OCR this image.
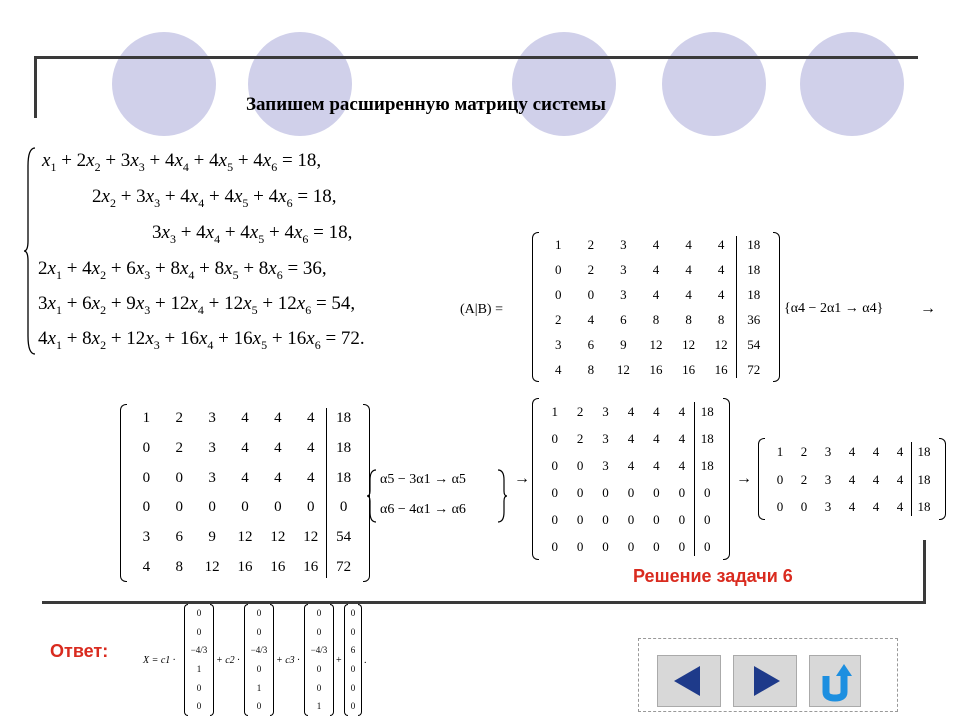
Запишем расширенную матрицу системы
$x_1 + 2x_2 + 3x_3 + 4x_4 + 4x_5 + 4x_6 = 18$,
$2x_2 + 3x_3 + 4x_4 + 4x_5 + 4x_6 = 18$,
$3x_3 + 4x_4 + 4x_5 + 4x_6 = 18$,
$2x_1 + 4x_2 + 6x_3 + 8x_4 + 8x_5 + 8x_6 = 36$,
$3x_1 + 6x_2 + 9x_3 + 12x_4 + 12x_5 + 12x_6 = 54$,
$4x_1 + 8x_2 + 12x_3 + 16x_4 + 16x_5 + 16x_6 = 72$.
(A|B) =
1	2	3	4	4	4	18
0	2	3	4	4	4	18
0	0	3	4	4	4	18
2	4	6	8	8	8	36
3	6	9	12	12	12	54
4	8	12	16	16	16	72
{α4 − 2α1 → α4} →
1	2	3	4	4	4	18
0	2	3	4	4	4	18
0	0	3	4	4	4	18
0	0	0	0	0	0	0
3	6	9	12	12	12	54
4	8	12	16	16	16	72
α5 − 3α1 → α5
α6 − 4α1 → α6
→
1	2	3	4	4	4	18
0	2	3	4	4	4	18
0	0	3	4	4	4	18
0	0	0	0	0	0	0
0	0	0	0	0	0	0
0	0	0	0	0	0	0
→
1	2	3	4	4	4	18
0	2	3	4	4	4	18
0	0	3	4	4	4	18
Решение задачи 6
Ответ:	X = c1 ·
0
0
−4/3
1
0
0
+ c2 ·
0
0
−4/3
0
1
0
+ c3 ·
0
0
−4/3
0
0
1
+
0
0
6
0
0
0
.
